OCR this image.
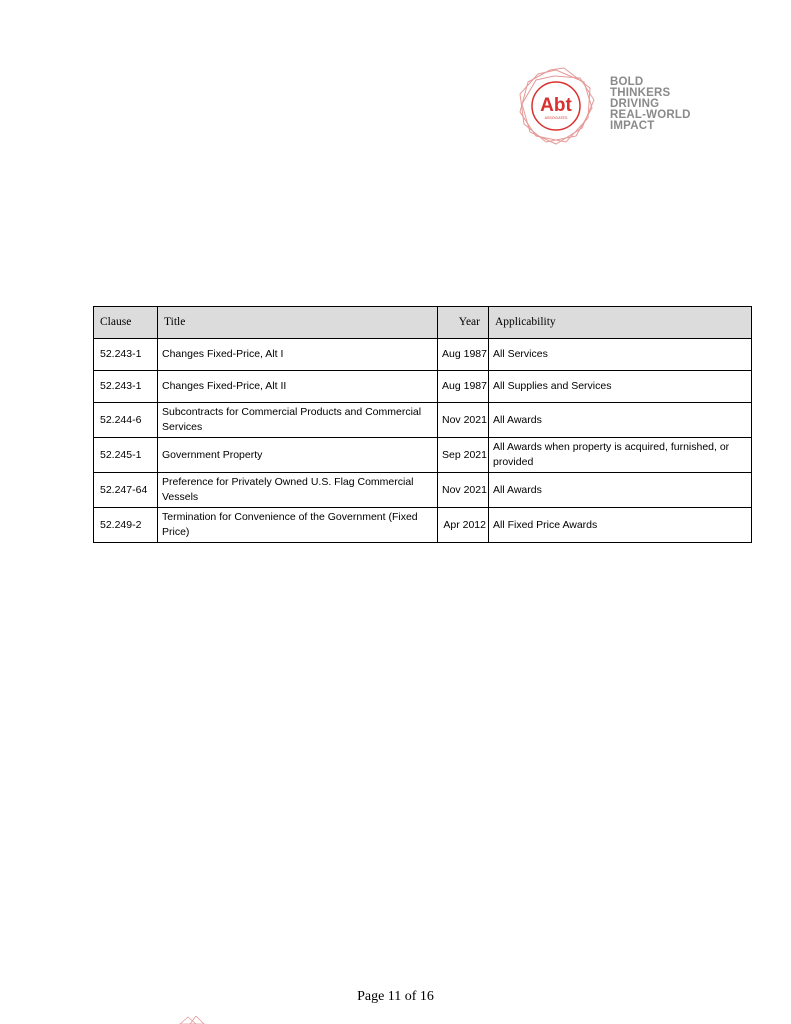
Abt
ASSOCIATES
BOLD
THINKERS
DRIVING
REAL-WORLD
IMPACT
Clause	Title	Year	Applicability
52.243-1	Changes Fixed-Price, Alt I	Aug 1987	All Services
52.243-1	Changes Fixed-Price, Alt II	Aug 1987	All Supplies and Services
52.244-6	Subcontracts for Commercial Products and Commercial Services	Nov 2021	All Awards
52.245-1	Government Property	Sep 2021	All Awards when property is acquired, furnished, or provided
52.247-64	Preference for Privately Owned U.S. Flag Commercial Vessels	Nov 2021	All Awards
52.249-2	Termination for Convenience of the Government (Fixed Price)	Apr 2012	All Fixed Price Awards
Page 11 of 16
